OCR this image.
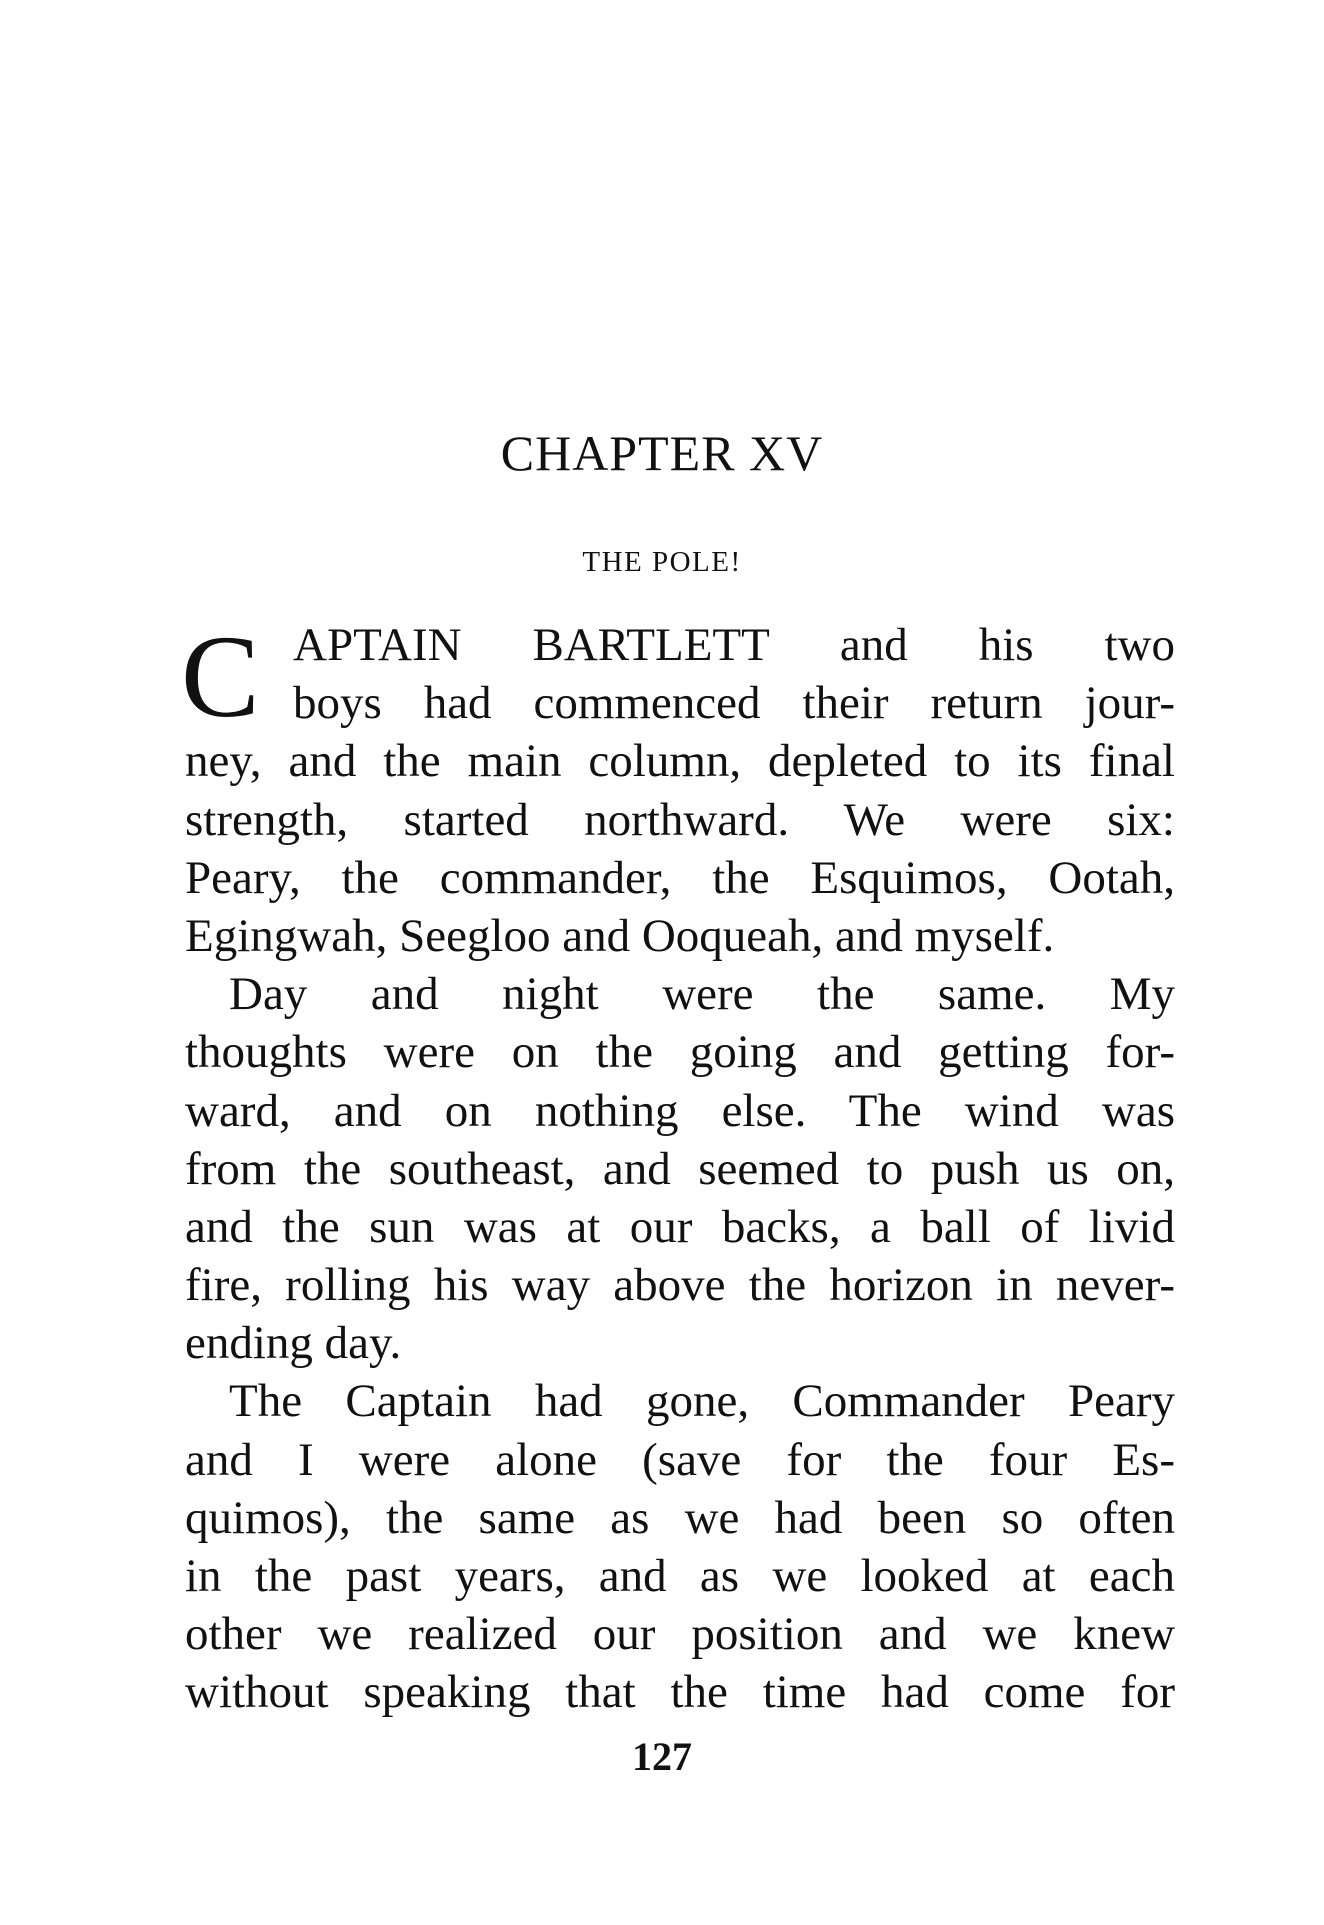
CHAPTER XV
THE POLE!
C APTAIN BARTLETT and his two
boys had commenced their return jour-
ney, and the main column, depleted to its final
strength, started northward. We were six:
Peary, the commander, the Esquimos, Ootah,
Egingwah, Seegloo and Ooqueah, and myself.
Day and night were the same. My
thoughts were on the going and getting for-
ward, and on nothing else. The wind was
from the southeast, and seemed to push us on,
and the sun was at our backs, a ball of livid
fire, rolling his way above the horizon in never-
ending day.
The Captain had gone, Commander Peary
and I were alone (save for the four Es-
quimos), the same as we had been so often
in the past years, and as we looked at each
other we realized our position and we knew
without speaking that the time had come for
127
